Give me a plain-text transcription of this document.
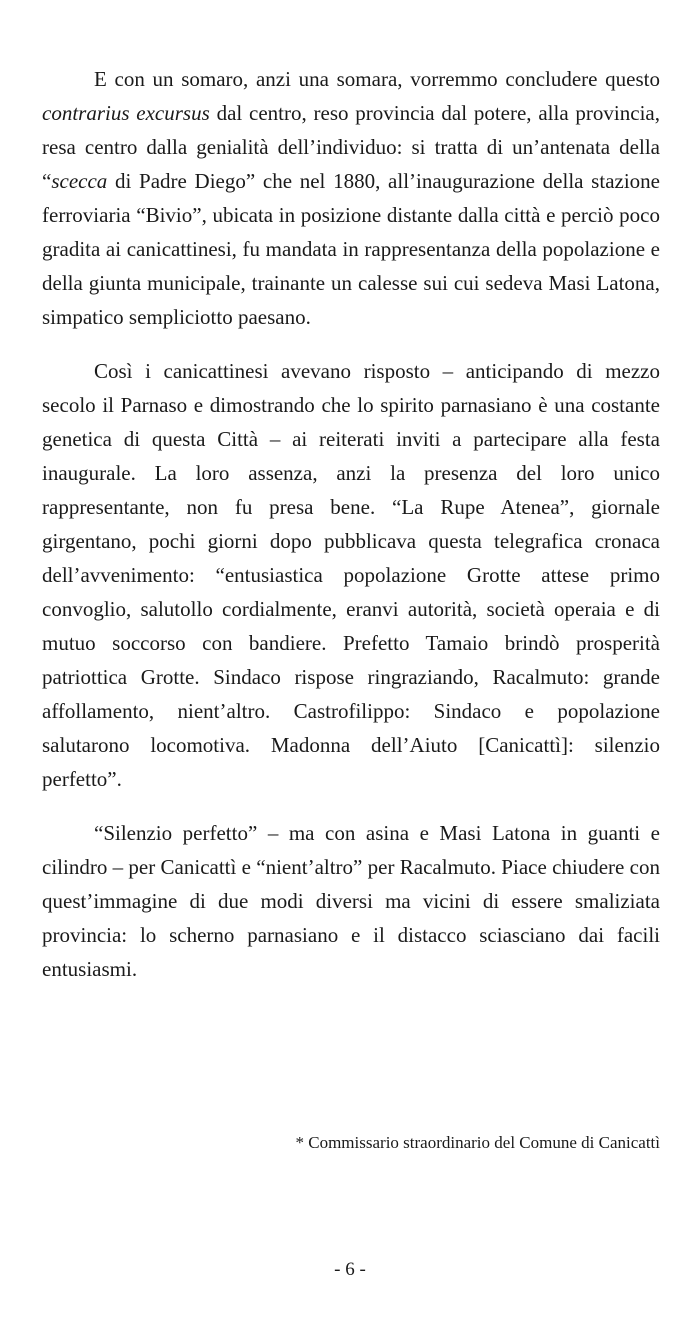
E con un somaro, anzi una somara, vorremmo concludere questo contrarius excursus dal centro, reso provincia dal potere, alla provincia, resa centro dalla genialità dell’individuo: si tratta di un’antenata della “scecca di Padre Diego” che nel 1880, all’inaugurazione della stazione ferroviaria “Bivio”, ubicata in posizione distante dalla città e perciò poco gradita ai canicattinesi, fu mandata in rappresentanza della popolazione e della giunta municipale, trainante un calesse sui cui sedeva Masi Latona, simpatico sempliciotto paesano.

Così i canicattinesi avevano risposto – anticipando di mezzo secolo il Parnaso e dimostrando che lo spirito parnasiano è una costante genetica di questa Città – ai reiterati inviti a partecipare alla festa inaugurale. La loro assenza, anzi la presenza del loro unico rappresentante, non fu presa bene. “La Rupe Atenea”, giornale girgentano, pochi giorni dopo pubblicava questa telegrafica cronaca dell’avvenimento: “entusiastica popolazione Grotte attese primo convoglio, salutollo cordialmente, eranvi autorità, società operaia e di mutuo soccorso con bandiere. Prefetto Tamaio brindò prosperità patriottica Grotte. Sindaco rispose ringraziando, Racalmuto: grande affollamento, nient’altro. Castrofilippo: Sindaco e popolazione salutarono locomotiva. Madonna dell’Aiuto [Canicattì]: silenzio perfetto”.

“Silenzio perfetto” – ma con asina e Masi Latona in guanti e cilindro – per Canicattì e “nient’altro” per Racalmuto. Piace chiudere con quest’immagine di due modi diversi ma vicini di essere smaliziata provincia: lo scherno parnasiano e il distacco sciasciano dai facili entusiasmi.

* Commissario straordinario del Comune di Canicattì
- 6 -
